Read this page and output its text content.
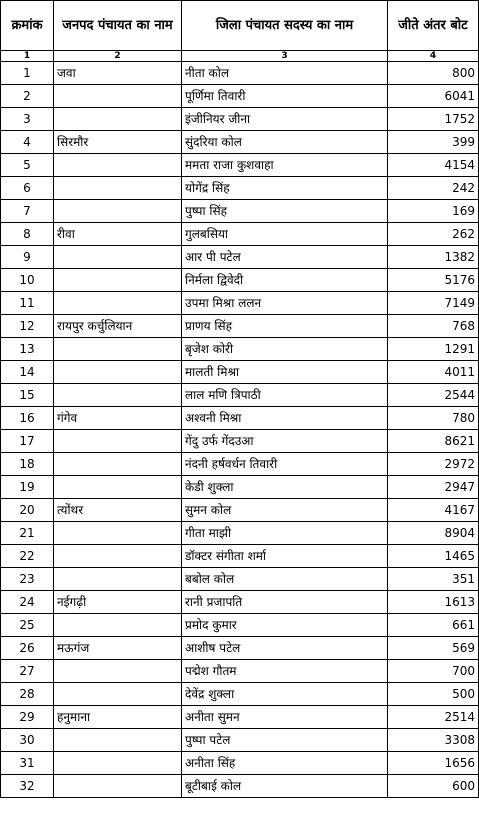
क्रमांक	जनपद पंचायत का नाम	जिला पंचायत सदस्य का नाम	जीते अंतर बोट
1	2	3	4
1	जवा	नीता कोल	800
2		पूर्णिमा तिवारी	6041
3		इंजीनियर जीना	1752
4	सिरमौर	सुंदरिया कोल	399
5		ममता राजा कुशवाहा	4154
6		योगेंद्र सिंह	242
7		पुष्पा सिंह	169
8	रीवा	गुलबसिया	262
9		आर पी पटेल	1382
10		निर्मला द्विवेदी	5176
11		उपमा मिश्रा ललन	7149
12	रायपुर कर्चुलियान	प्राणय सिंह	768
13		बृजेश कोरी	1291
14		मालती मिश्रा	4011
15		लाल मणि त्रिपाठी	2544
16	गंगेव	अश्वनी मिश्रा	780
17		गेंदु उर्फ गेंदउआ	8621
18		नंदनी हर्षवर्धन तिवारी	2972
19		केडी शुक्ला	2947
20	त्योंथर	सुमन कोल	4167
21		गीता माझी	8904
22		डॉक्टर संगीता शर्मा	1465
23		बबोल कोल	351
24	नईगढ़ी	रानी प्रजापति	1613
25		प्रमोद कुमार	661
26	मऊगंज	आशीष पटेल	569
27		पद्मेश गौतम	700
28		देवेंद्र शुक्ला	500
29	हनुमाना	अनीता सुमन	2514
30		पुष्पा पटेल	3308
31		अनीता सिंह	1656
32		बूटीबाई कोल	600
